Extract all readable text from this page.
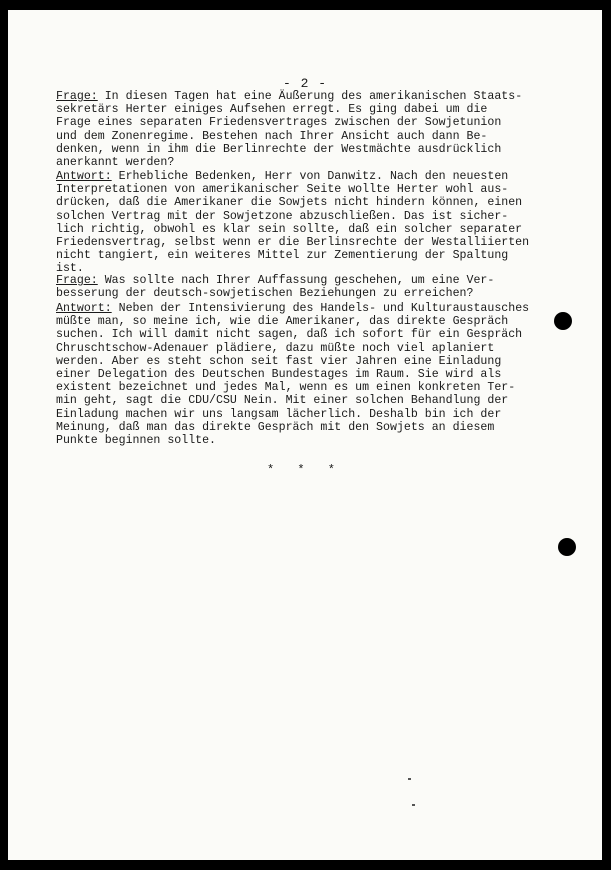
- 2 -
Frage: In diesen Tagen hat eine Äußerung des amerikanischen Staats-
sekretärs Herter einiges Aufsehen erregt. Es ging dabei um die
Frage eines separaten Friedensvertrages zwischen der Sowjetunion
und dem Zonenregime. Bestehen nach Ihrer Ansicht auch dann Be-
denken, wenn in ihm die Berlinrechte der Westmächte ausdrücklich
anerkannt werden?
Antwort: Erhebliche Bedenken, Herr von Danwitz. Nach den neuesten
Interpretationen von amerikanischer Seite wollte Herter wohl aus-
drücken, daß die Amerikaner die Sowjets nicht hindern können, einen
solchen Vertrag mit der Sowjetzone abzuschließen. Das ist sicher-
lich richtig, obwohl es klar sein sollte, daß ein solcher separater
Friedensvertrag, selbst wenn er die Berlinsrechte der Westalliierten
nicht tangiert, ein weiteres Mittel zur Zementierung der Spaltung
ist.
Frage: Was sollte nach Ihrer Auffassung geschehen, um eine Ver-
besserung der deutsch-sowjetischen Beziehungen zu erreichen?
Antwort: Neben der Intensivierung des Handels- und Kulturaustausches
müßte man, so meine ich, wie die Amerikaner, das direkte Gespräch
suchen. Ich will damit nicht sagen, daß ich sofort für ein Gespräch
Chruschtschow-Adenauer plädiere, dazu müßte noch viel aplaniert
werden. Aber es steht schon seit fast vier Jahren eine Einladung
einer Delegation des Deutschen Bundestages im Raum. Sie wird als
existent bezeichnet und jedes Mal, wenn es um einen konkreten Ter-
min geht, sagt die CDU/CSU Nein. Mit einer solchen Behandlung der
Einladung machen wir uns langsam lächerlich. Deshalb bin ich der
Meinung, daß man das direkte Gespräch mit den Sowjets an diesem
Punkte beginnen sollte.
* * *
